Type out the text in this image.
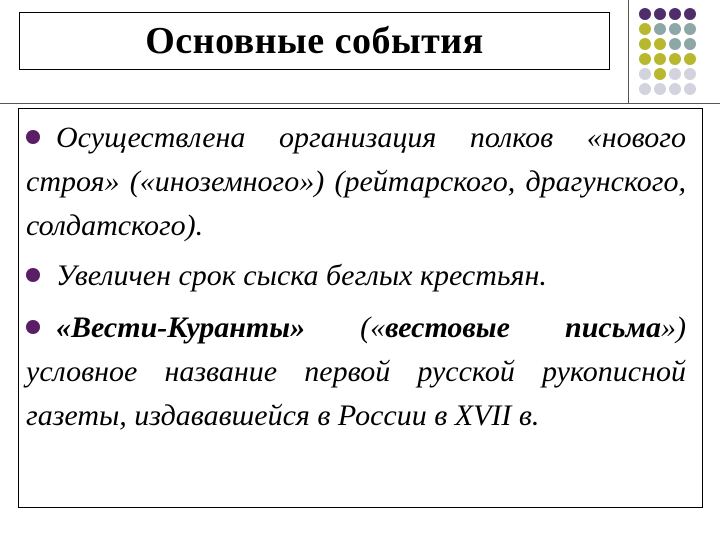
Основные события

Осуществлена организация полков «нового строя» («иноземного») (рейтарского, драгунского, солдатского).

Увеличен срок сыска беглых крестьян.

«Вести-Куранты» («вестовые письма») условное название первой русской рукописной газеты, издававшейся в России в XVII в.
